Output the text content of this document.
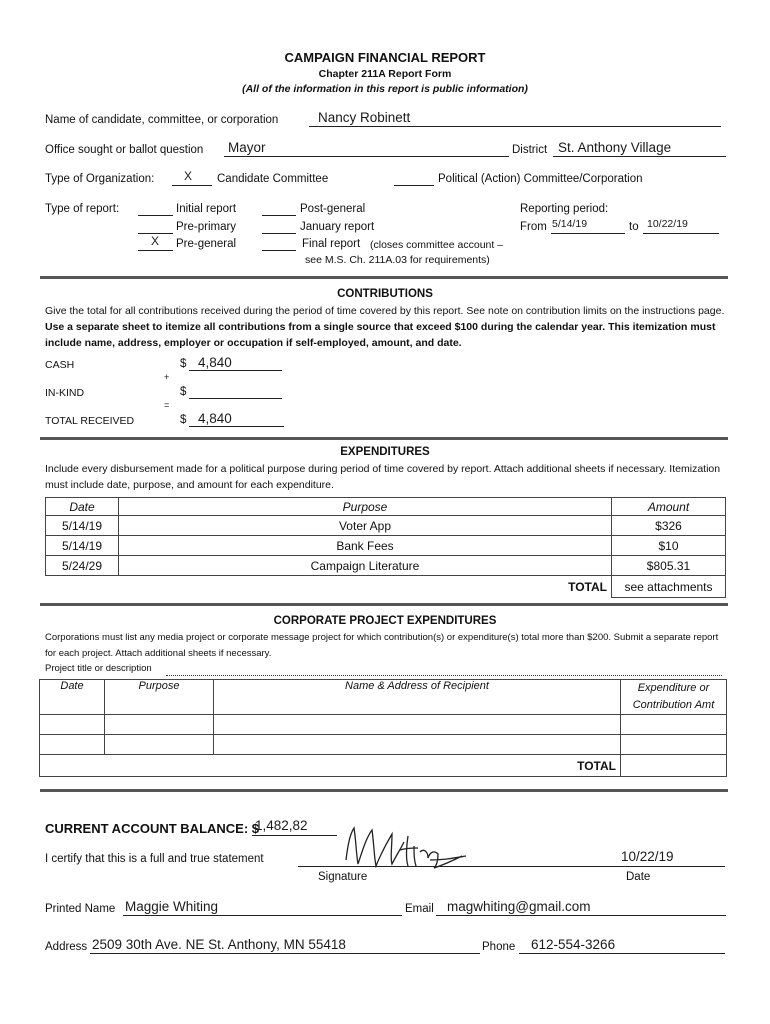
CAMPAIGN FINANCIAL REPORT
Chapter 211A Report Form
(All of the information in this report is public information)
Name of candidate, committee, or corporation	Nancy Robinett
Office sought or ballot question Mayor	District St. Anthony Village
Type of Organization: X Candidate Committee	Political (Action) Committee/Corporation
Type of report:	Initial report
Pre-primary
X Pre-general
Post-general
January report
Final report (closes committee account –
see M.S. Ch. 211A.03 for requirements)
Reporting period:
From 5/14/19	to 10/22/19
CONTRIBUTIONS
Give the total for all contributions received during the period of time covered by this report. See note on contribution limits on the instructions page. Use a separate sheet to itemize all contributions from a single source that exceed $100 during the calendar year. This itemization must include name, address, employer or occupation if self-employed, amount, and date.
CASH	$ 4,840
+
IN-KIND	$
=
TOTAL RECEIVED	$ 4,840
EXPENDITURES
Include every disbursement made for a political purpose during period of time covered by report. Attach additional sheets if necessary. Itemization must include date, purpose, and amount for each expenditure.
Date	Purpose	Amount
5/14/19	Voter App	$326
5/14/19	Bank Fees	$10
5/24/29	Campaign Literature	$805.31
	TOTAL	see attachments
CORPORATE PROJECT EXPENDITURES
Corporations must list any media project or corporate message project for which contribution(s) or expenditure(s) total more than $200. Submit a separate report for each project. Attach additional sheets if necessary.
Project title or description
Date	Purpose	Name & Address of Recipient	Expenditure or Contribution Amt

		TOTAL	
CURRENT ACCOUNT BALANCE: $
1,482,82
I certify that this is a full and true statement
Signature
10/22/19
Date
Printed Name Maggie Whiting	Email magwhiting@gmail.com
Address 2509 30th Ave. NE St. Anthony, MN 55418	Phone 612-554-3266
